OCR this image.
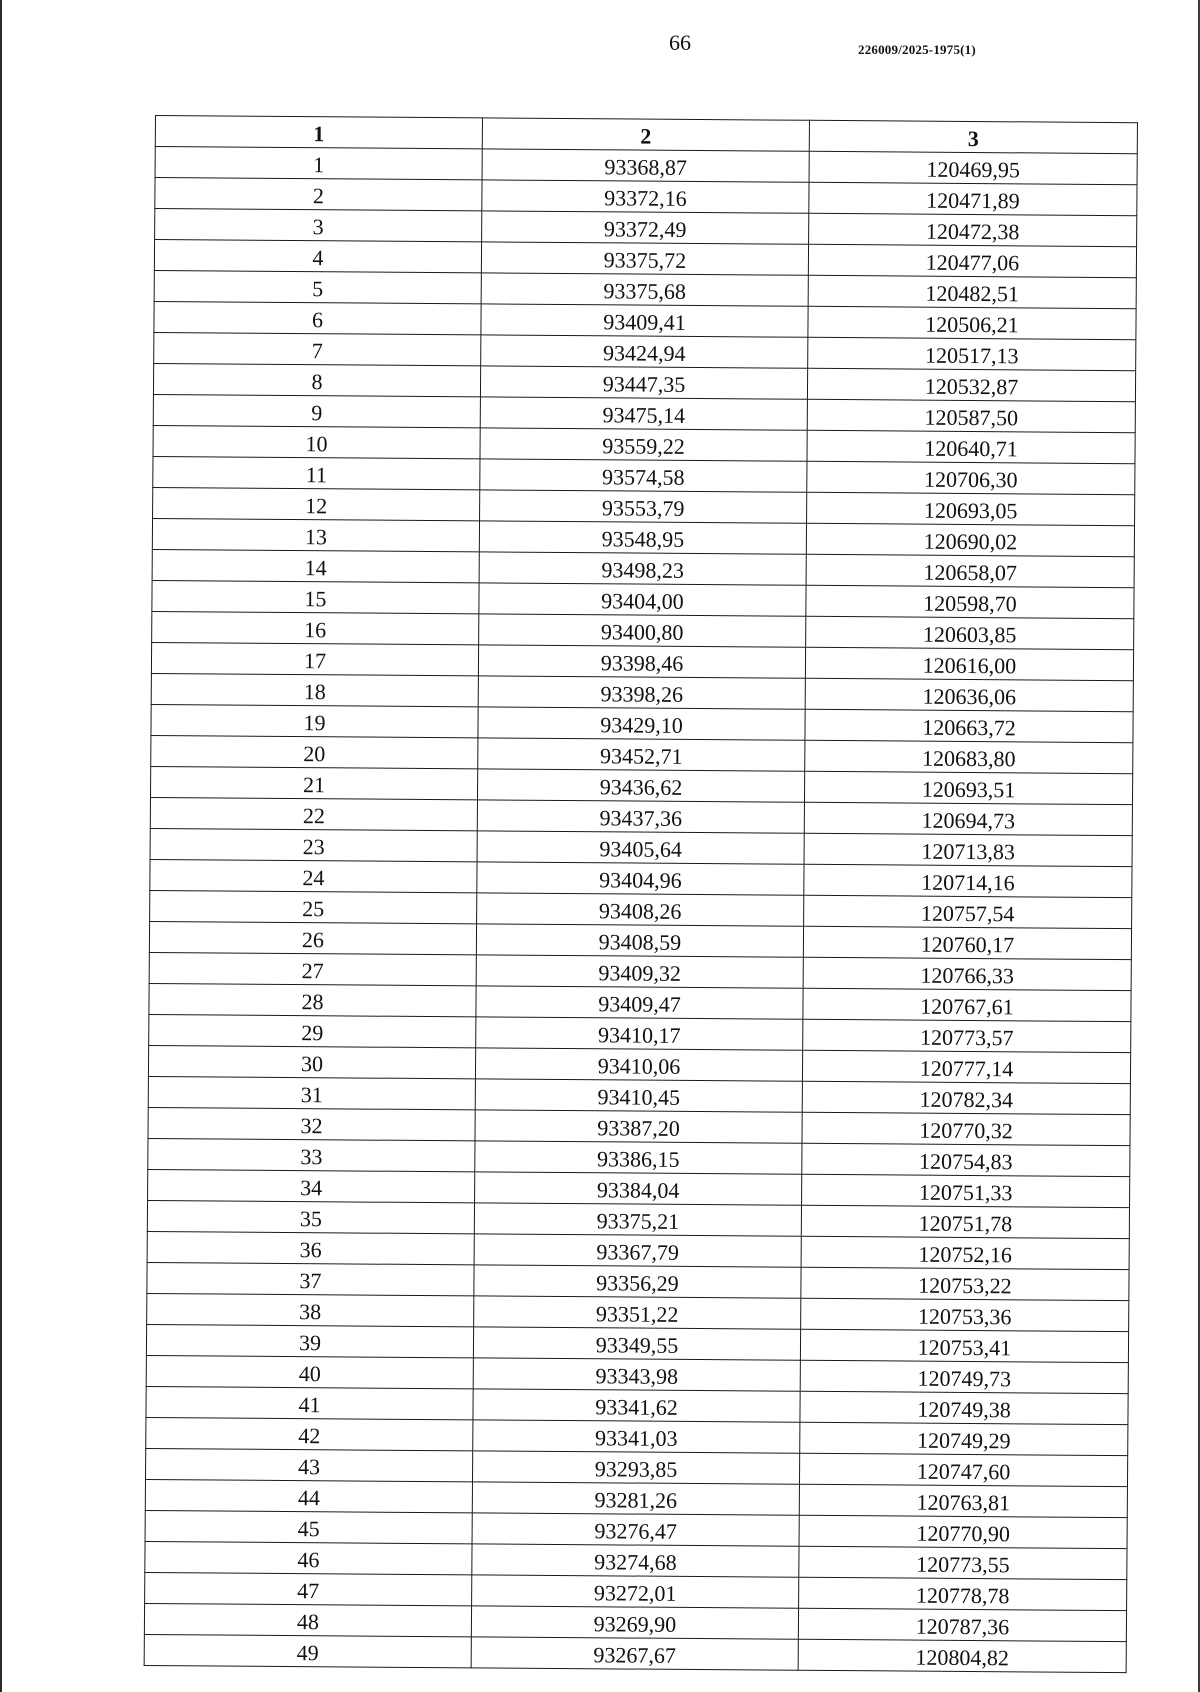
66	226009/2025-1975(1)
1	2	3
1	93368,87	120469,95
2	93372,16	120471,89
3	93372,49	120472,38
4	93375,72	120477,06
5	93375,68	120482,51
6	93409,41	120506,21
7	93424,94	120517,13
8	93447,35	120532,87
9	93475,14	120587,50
10	93559,22	120640,71
11	93574,58	120706,30
12	93553,79	120693,05
13	93548,95	120690,02
14	93498,23	120658,07
15	93404,00	120598,70
16	93400,80	120603,85
17	93398,46	120616,00
18	93398,26	120636,06
19	93429,10	120663,72
20	93452,71	120683,80
21	93436,62	120693,51
22	93437,36	120694,73
23	93405,64	120713,83
24	93404,96	120714,16
25	93408,26	120757,54
26	93408,59	120760,17
27	93409,32	120766,33
28	93409,47	120767,61
29	93410,17	120773,57
30	93410,06	120777,14
31	93410,45	120782,34
32	93387,20	120770,32
33	93386,15	120754,83
34	93384,04	120751,33
35	93375,21	120751,78
36	93367,79	120752,16
37	93356,29	120753,22
38	93351,22	120753,36
39	93349,55	120753,41
40	93343,98	120749,73
41	93341,62	120749,38
42	93341,03	120749,29
43	93293,85	120747,60
44	93281,26	120763,81
45	93276,47	120770,90
46	93274,68	120773,55
47	93272,01	120778,78
48	93269,90	120787,36
49	93267,67	120804,82
